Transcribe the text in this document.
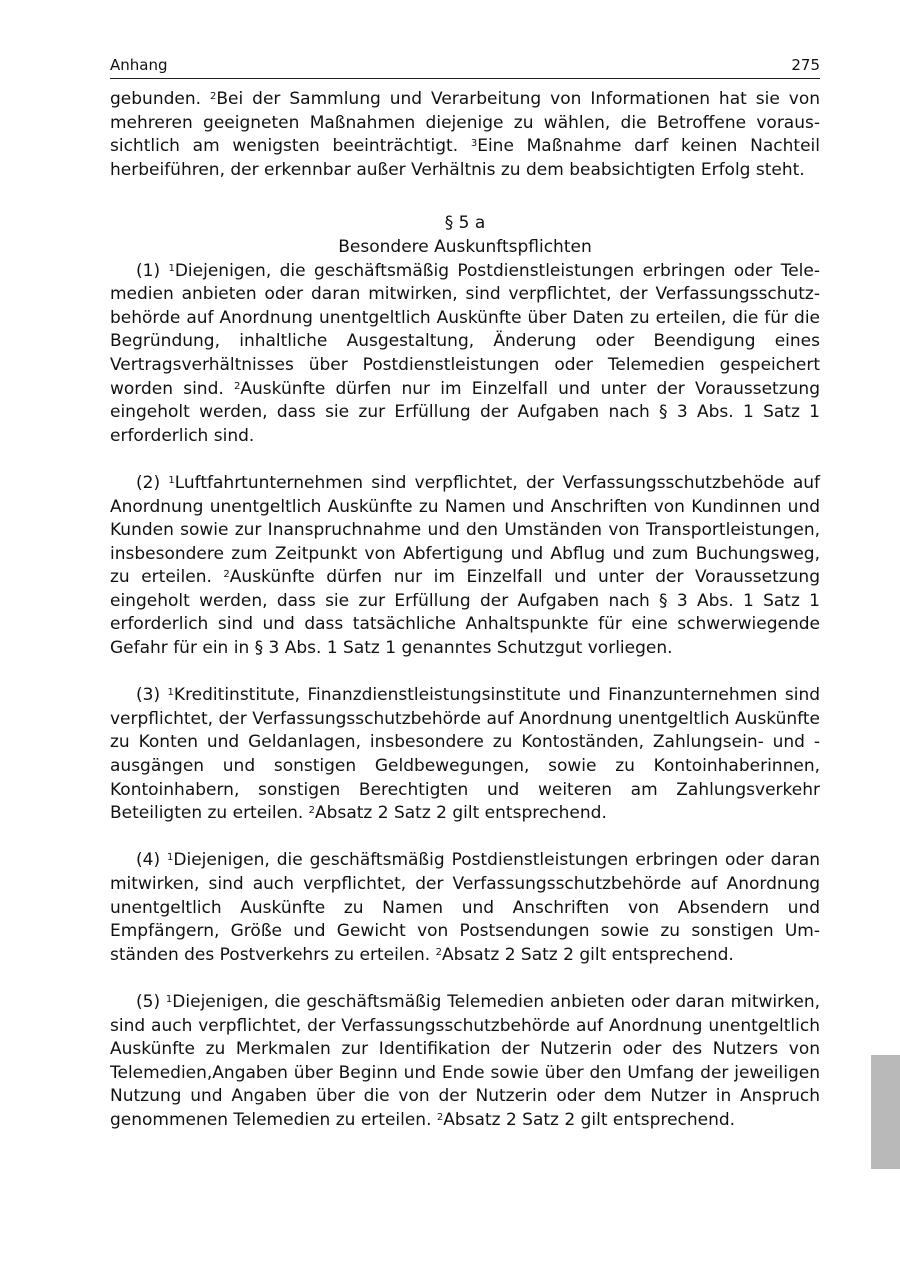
Anhang	275

gebunden. $^2$Bei der Sammlung und Verarbeitung von Informationen hat sie von mehreren geeigneten Maßnahmen diejenige zu wählen, die Betroffene voraussichtlich am wenigsten beeinträchtigt. $^3$Eine Maßnahme darf keinen Nachteil herbeiführen, der erkennbar außer Verhältnis zu dem beabsichtigten Erfolg steht.

§ 5 a

Besondere Auskunftspflichten

(1) $^1$Diejenigen, die geschäftsmäßig Postdienstleistungen erbringen oder Telemedien anbieten oder daran mitwirken, sind verpflichtet, der Verfassungsschutzbehörde auf Anordnung unentgeltlich Auskünfte über Daten zu erteilen, die für die Begründung, inhaltliche Ausgestaltung, Änderung oder Beendigung eines Vertragsverhältnisses über Postdienstleistungen oder Telemedien gespeichert worden sind. $^2$Auskünfte dürfen nur im Einzelfall und unter der Voraussetzung eingeholt werden, dass sie zur Erfüllung der Aufgaben nach § 3 Abs. 1 Satz 1 erforderlich sind.

(2) $^1$Luftfahrtunternehmen sind verpflichtet, der Verfassungsschutzbehöde auf Anordnung unentgeltlich Auskünfte zu Namen und Anschriften von Kundinnen und Kunden sowie zur Inanspruchnahme und den Umständen von Transportleistungen, insbesondere zum Zeitpunkt von Abfertigung und Abflug und zum Buchungsweg, zu erteilen. $^2$Auskünfte dürfen nur im Einzelfall und unter der Voraussetzung eingeholt werden, dass sie zur Erfüllung der Aufgaben nach § 3 Abs. 1 Satz 1 erforderlich sind und dass tatsächliche Anhaltspunkte für eine schwerwiegende Gefahr für ein in § 3 Abs. 1 Satz 1 genanntes Schutzgut vorliegen.

(3) $^1$Kreditinstitute, Finanzdienstleistungsinstitute und Finanzunternehmen sind verpflichtet, der Verfassungsschutzbehörde auf Anordnung unentgeltlich Auskünfte zu Konten und Geldanlagen, insbesondere zu Kontoständen, Zahlungsein- und -ausgängen und sonstigen Geldbewegungen, sowie zu Kontoinhaberinnen, Kontoinhabern, sonstigen Berechtigten und weiteren am Zahlungsverkehr Beteiligten zu erteilen. $^2$Absatz 2 Satz 2 gilt entsprechend.

(4) $^1$Diejenigen, die geschäftsmäßig Postdienstleistungen erbringen oder daran mitwirken, sind auch verpflichtet, der Verfassungsschutzbehörde auf Anordnung unentgeltlich Auskünfte zu Namen und Anschriften von Absendern und Empfängern, Größe und Gewicht von Postsendungen sowie zu sonstigen Umständen des Postverkehrs zu erteilen. $^2$Absatz 2 Satz 2 gilt entsprechend.

(5) $^1$Diejenigen, die geschäftsmäßig Telemedien anbieten oder daran mitwirken, sind auch verpflichtet, der Verfassungsschutzbehörde auf Anordnung unentgeltlich Auskünfte zu Merkmalen zur Identifikation der Nutzerin oder des Nutzers von Telemedien,Angaben über Beginn und Ende sowie über den Umfang der jeweiligen Nutzung und Angaben über die von der Nutzerin oder dem Nutzer in Anspruch genommenen Telemedien zu erteilen. $^2$Absatz 2 Satz 2 gilt entsprechend.
